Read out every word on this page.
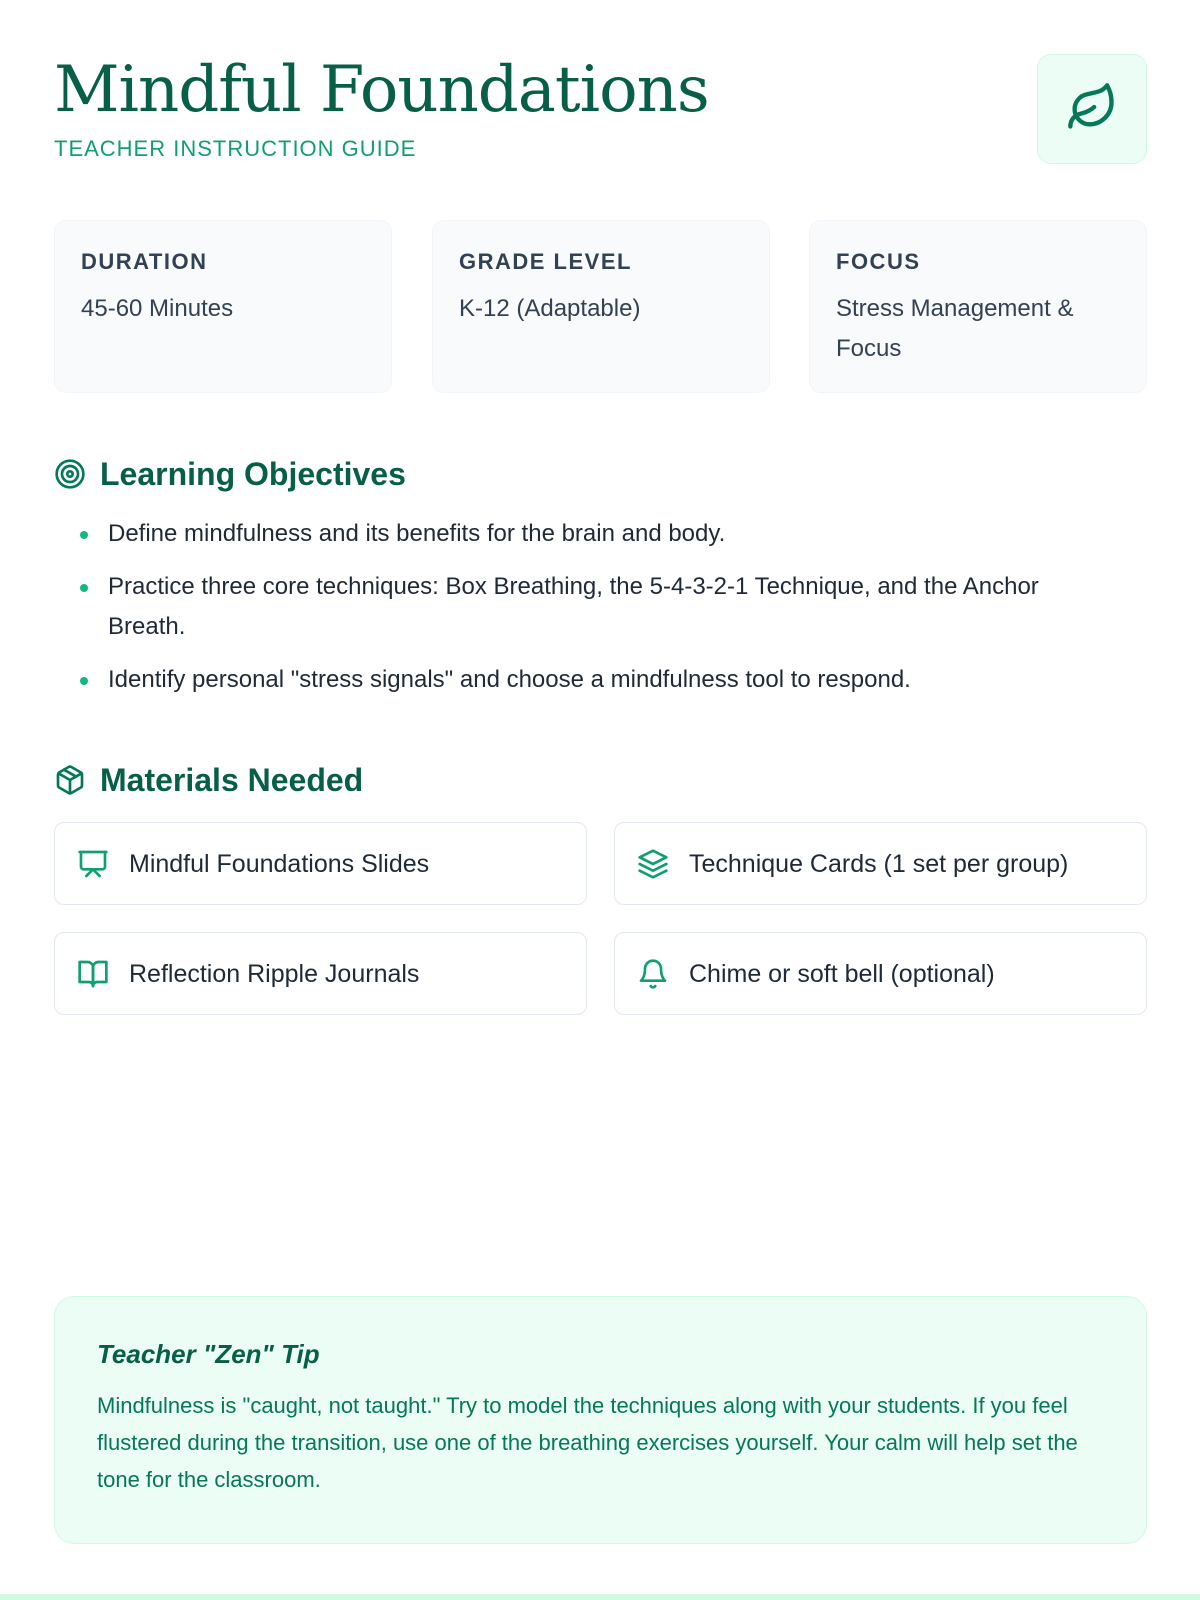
Mindful Foundations
TEACHER INSTRUCTION GUIDE
DURATION
45-60 Minutes
GRADE LEVEL
K-12 (Adaptable)
FOCUS
Stress Management & Focus
Learning Objectives
Define mindfulness and its benefits for the brain and body.
Practice three core techniques: Box Breathing, the 5-4-3-2-1 Technique, and the Anchor Breath.
Identify personal "stress signals" and choose a mindfulness tool to respond.
Materials Needed
Mindful Foundations Slides	Technique Cards (1 set per group)
Reflection Ripple Journals	Chime or soft bell (optional)
Teacher "Zen" Tip

Mindfulness is "caught, not taught." Try to model the techniques along with your students. If you feel flustered during the transition, use one of the breathing exercises yourself. Your calm will help set the tone for the classroom.
